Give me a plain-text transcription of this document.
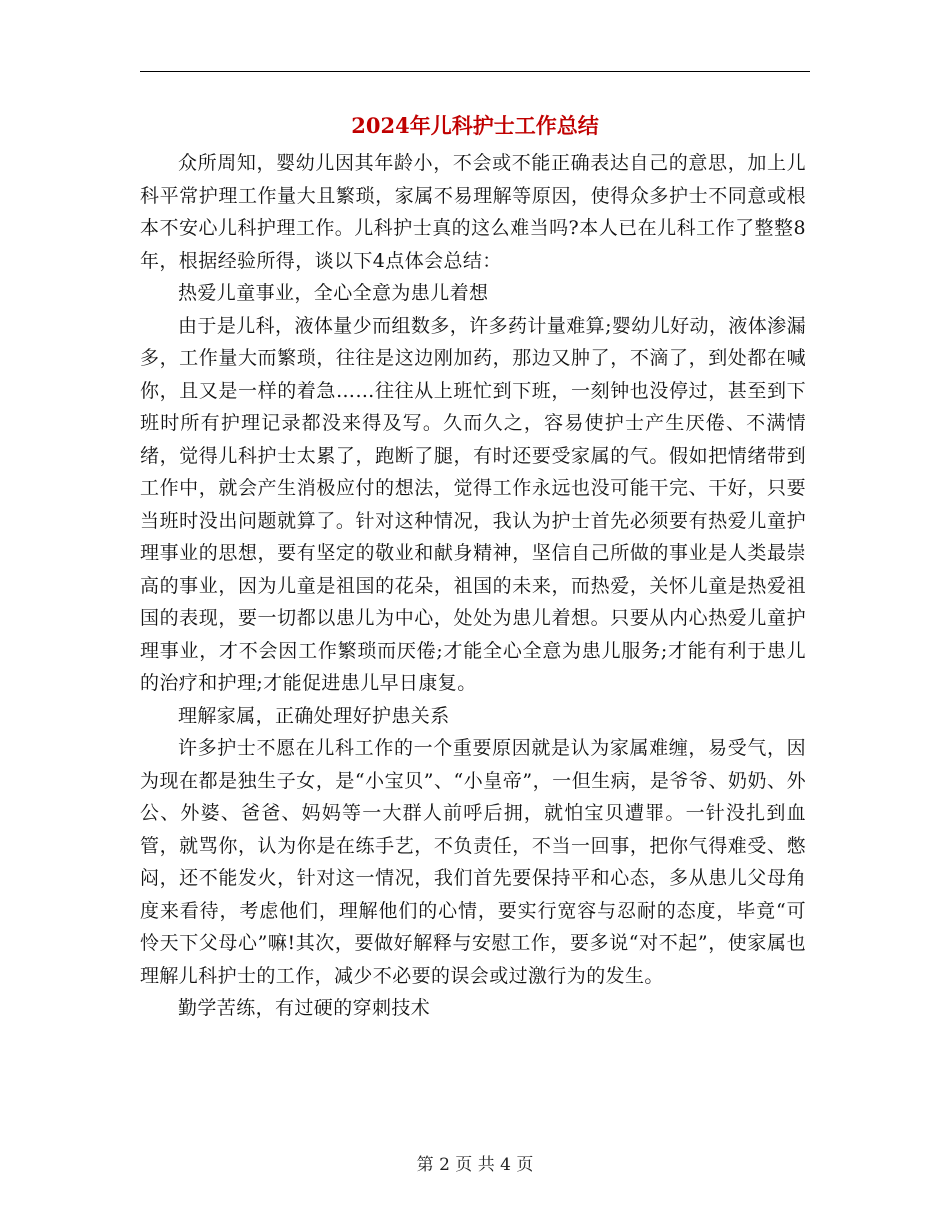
2024年儿科护士工作总结

众所周知，婴幼儿因其年龄小，不会或不能正确表达自己的意思，加上儿科平常护理工作量大且繁琐，家属不易理解等原因，使得众多护士不同意或根本不安心儿科护理工作。儿科护士真的这么难当吗?本人已在儿科工作了整整8年，根据经验所得，谈以下4点体会总结：

热爱儿童事业，全心全意为患儿着想

由于是儿科，液体量少而组数多，许多药计量难算;婴幼儿好动，液体渗漏多，工作量大而繁琐，往往是这边刚加药，那边又肿了，不滴了，到处都在喊你，且又是一样的着急……往往从上班忙到下班，一刻钟也没停过，甚至到下班时所有护理记录都没来得及写。久而久之，容易使护士产生厌倦、不满情绪，觉得儿科护士太累了，跑断了腿，有时还要受家属的气。假如把情绪带到工作中，就会产生消极应付的想法，觉得工作永远也没可能干完、干好，只要当班时没出问题就算了。针对这种情况，我认为护士首先必须要有热爱儿童护理事业的思想，要有坚定的敬业和献身精神，坚信自己所做的事业是人类最崇高的事业，因为儿童是祖国的花朵，祖国的未来，而热爱，关怀儿童是热爱祖国的表现，要一切都以患儿为中心，处处为患儿着想。只要从内心热爱儿童护理事业，才不会因工作繁琐而厌倦;才能全心全意为患儿服务;才能有利于患儿的治疗和护理;才能促进患儿早日康复。

理解家属，正确处理好护患关系

许多护士不愿在儿科工作的一个重要原因就是认为家属难缠，易受气，因为现在都是独生子女，是“小宝贝”、“小皇帝”，一但生病，是爷爷、奶奶、外公、外婆、爸爸、妈妈等一大群人前呼后拥，就怕宝贝遭罪。一针没扎到血管，就骂你，认为你是在练手艺，不负责任，不当一回事，把你气得难受、憋闷，还不能发火，针对这一情况，我们首先要保持平和心态，多从患儿父母角度来看待，考虑他们，理解他们的心情，要实行宽容与忍耐的态度，毕竟“可怜天下父母心”嘛!其次，要做好解释与安慰工作，要多说“对不起”，使家属也理解儿科护士的工作，减少不必要的误会或过激行为的发生。

勤学苦练，有过硬的穿刺技术

第 2 页 共 4 页
